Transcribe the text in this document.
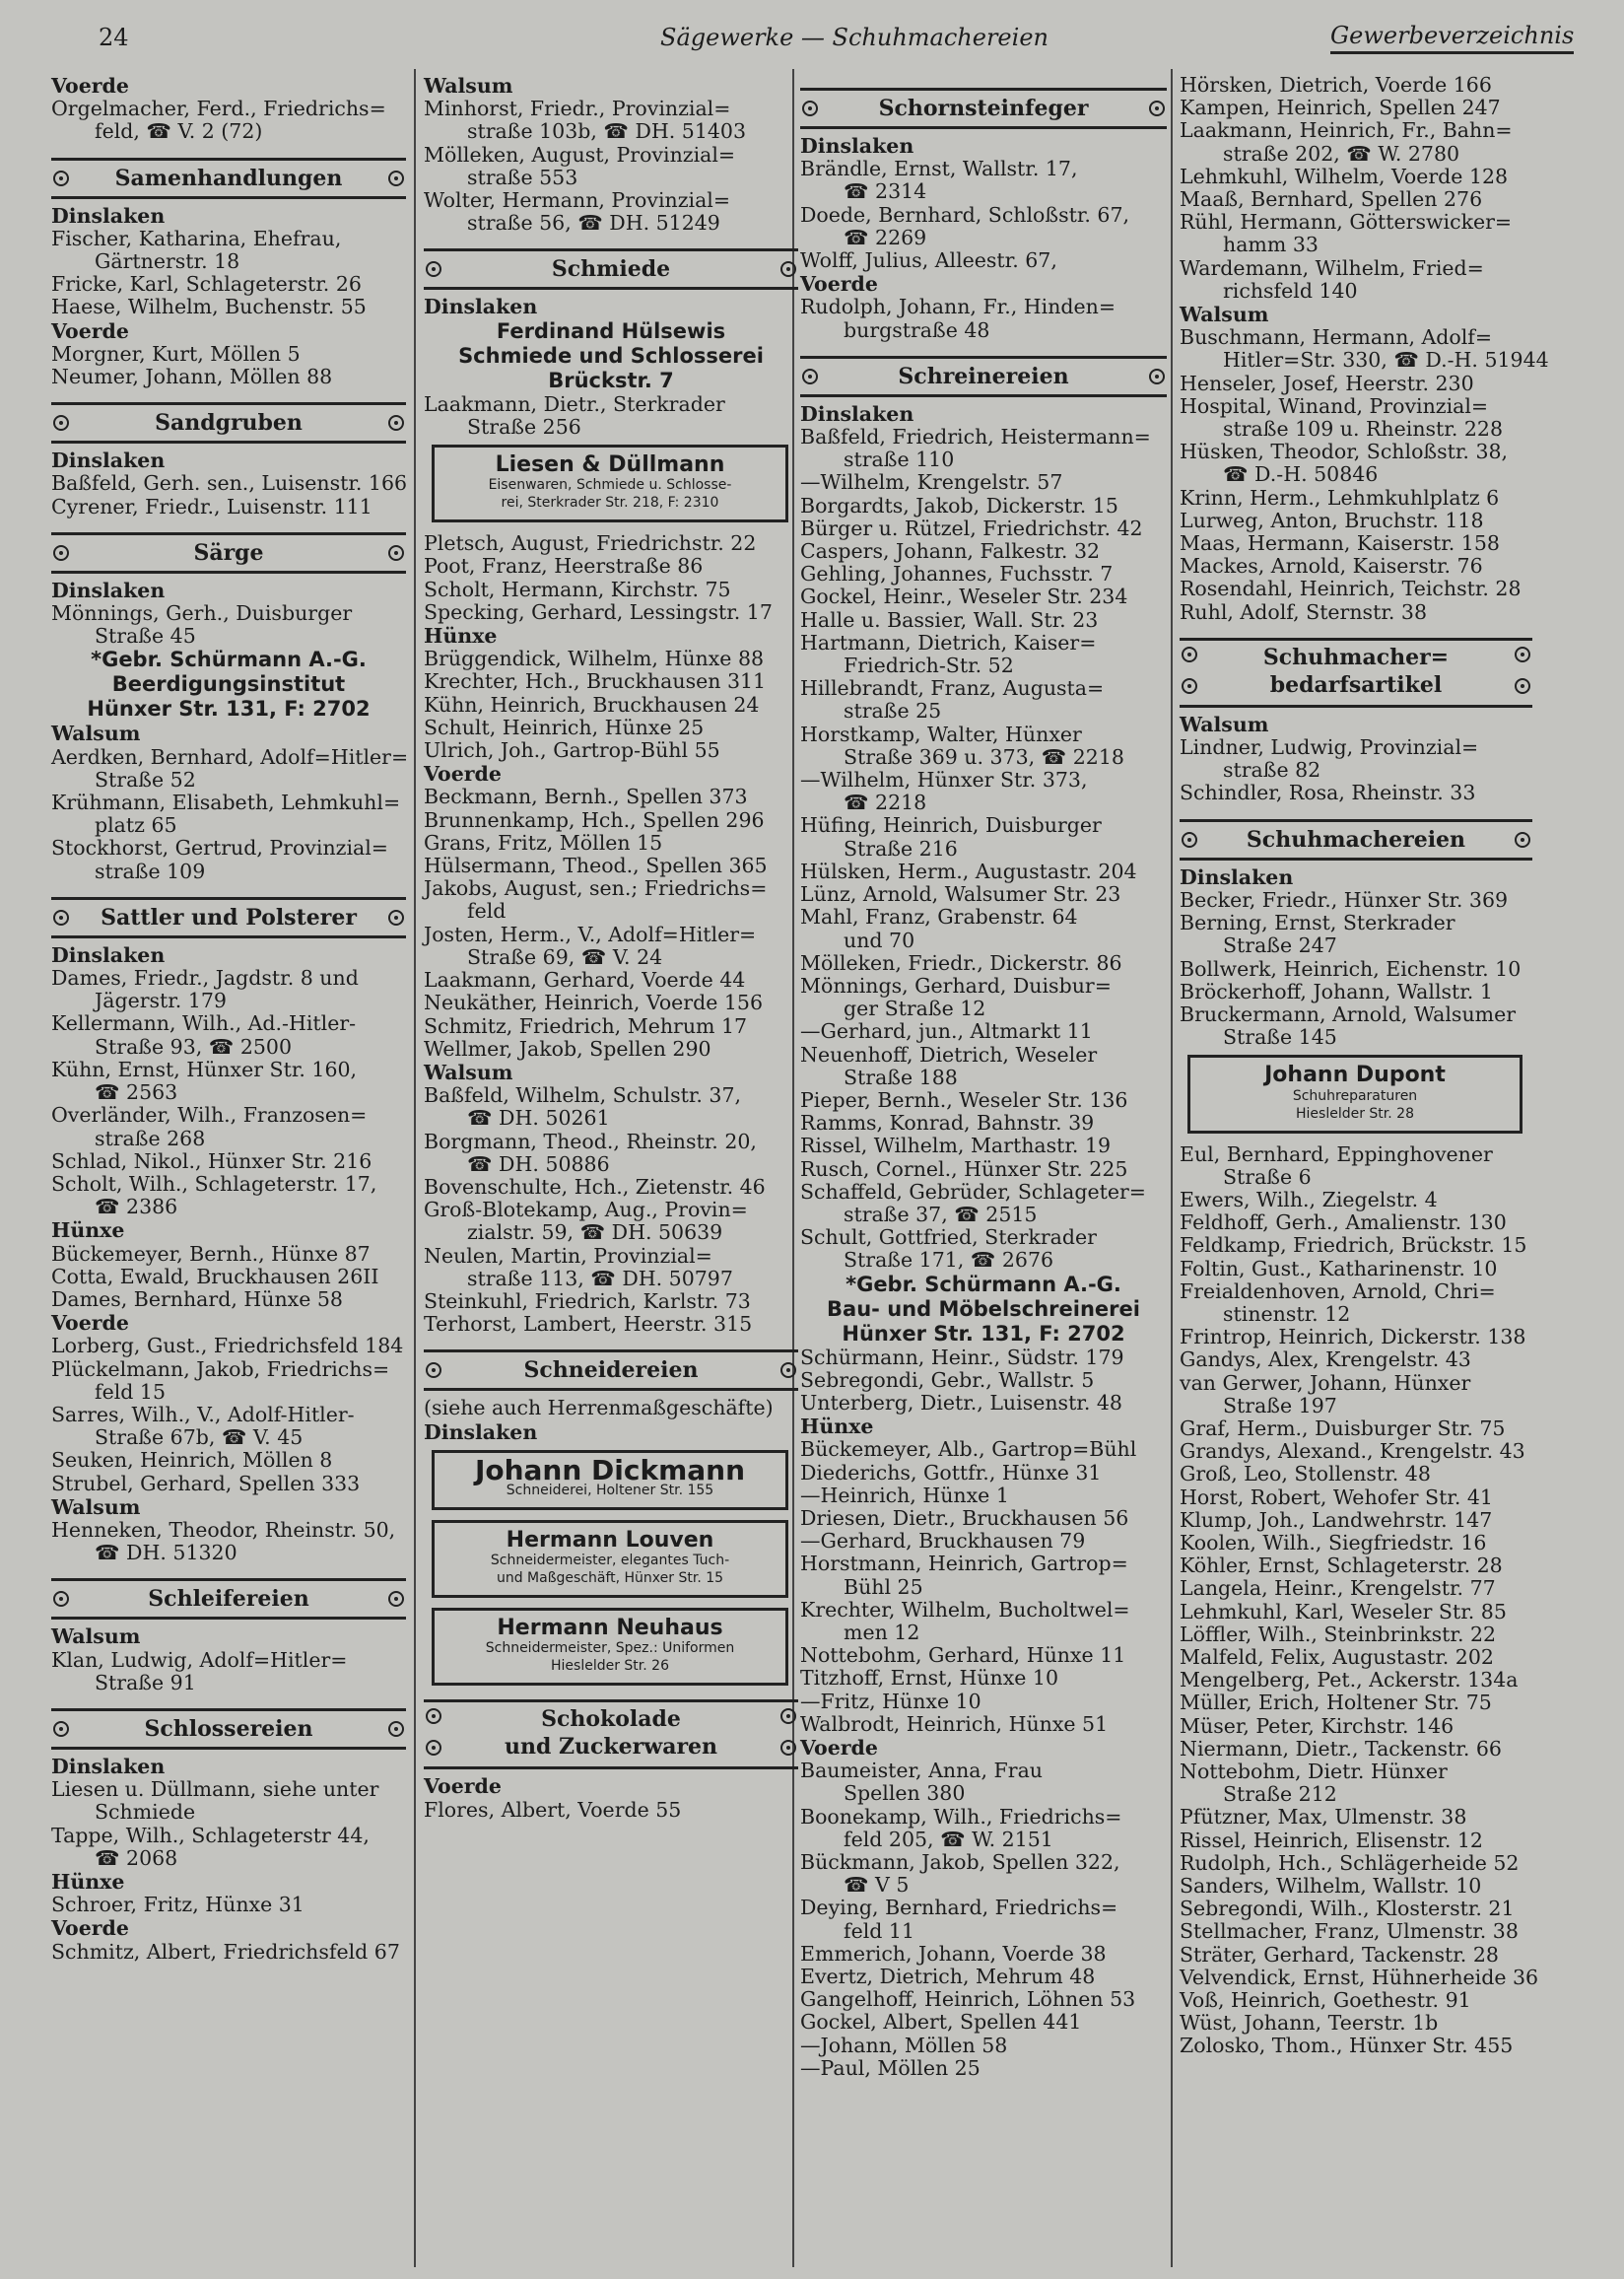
24	Sägewerke — Schuhmachereien	Gewerbeverzeichnis
Voerde
Orgelmacher, Ferd., Friedrichs=
feld, ☎ V. 2 (72)
Samenhandlungen
Dinslaken
Fischer, Katharina, Ehefrau,
Gärtnerstr. 18
Fricke, Karl, Schlageterstr. 26
Haese, Wilhelm, Buchenstr. 55
Voerde
Morgner, Kurt, Möllen 5
Neumer, Johann, Möllen 88
Sandgruben
Dinslaken
Baßfeld, Gerh. sen., Luisenstr. 166
Cyrener, Friedr., Luisenstr. 111
Särge
Dinslaken
Mönnings, Gerh., Duisburger
Straße 45
*Gebr. Schürmann A.-G.
Beerdigungsinstitut
Hünxer Str. 131, F: 2702
Walsum
Aerdken, Bernhard, Adolf=Hitler=
Straße 52
Krühmann, Elisabeth, Lehmkuhl=
platz 65
Stockhorst, Gertrud, Provinzial=
straße 109
Sattler und Polsterer
Dinslaken
Dames, Friedr., Jagdstr. 8 und
Jägerstr. 179
Kellermann, Wilh., Ad.-Hitler-
Straße 93, ☎ 2500
Kühn, Ernst, Hünxer Str. 160,
☎ 2563
Overländer, Wilh., Franzosen=
straße 268
Schlad, Nikol., Hünxer Str. 216
Scholt, Wilh., Schlageterstr. 17,
☎ 2386
Hünxe
Bückemeyer, Bernh., Hünxe 87
Cotta, Ewald, Bruckhausen 26II
Dames, Bernhard, Hünxe 58
Voerde
Lorberg, Gust., Friedrichsfeld 184
Plückelmann, Jakob, Friedrichs=
feld 15
Sarres, Wilh., V., Adolf-Hitler-
Straße 67b, ☎ V. 45
Seuken, Heinrich, Möllen 8
Strubel, Gerhard, Spellen 333
Walsum
Henneken, Theodor, Rheinstr. 50,
☎ DH. 51320
Schleifereien
Walsum
Klan, Ludwig, Adolf=Hitler=
Straße 91
Schlossereien
Dinslaken
Liesen u. Düllmann, siehe unter
Schmiede
Tappe, Wilh., Schlageterstr 44,
☎ 2068
Hünxe
Schroer, Fritz, Hünxe 31
Voerde
Schmitz, Albert, Friedrichsfeld 67
Walsum
Minhorst, Friedr., Provinzial=
straße 103b, ☎ DH. 51403
Mölleken, August, Provinzial=
straße 553
Wolter, Hermann, Provinzial=
straße 56, ☎ DH. 51249
Schmiede
Dinslaken
Ferdinand Hülsewis
Schmiede und Schlosserei
Brückstr. 7
Laakmann, Dietr., Sterkrader
Straße 256
Liesen & Düllmann
Eisenwaren, Schmiede u. Schlosse-
rei, Sterkrader Str. 218, F: 2310
Pletsch, August, Friedrichstr. 22
Poot, Franz, Heerstraße 86
Scholt, Hermann, Kirchstr. 75
Specking, Gerhard, Lessingstr. 17
Hünxe
Brüggendick, Wilhelm, Hünxe 88
Krechter, Hch., Bruckhausen 311
Kühn, Heinrich, Bruckhausen 24
Schult, Heinrich, Hünxe 25
Ulrich, Joh., Gartrop-Bühl 55
Voerde
Beckmann, Bernh., Spellen 373
Brunnenkamp, Hch., Spellen 296
Grans, Fritz, Möllen 15
Hülsermann, Theod., Spellen 365
Jakobs, August, sen.; Friedrichs=
feld
Josten, Herm., V., Adolf=Hitler=
Straße 69, ☎ V. 24
Laakmann, Gerhard, Voerde 44
Neukäther, Heinrich, Voerde 156
Schmitz, Friedrich, Mehrum 17
Wellmer, Jakob, Spellen 290
Walsum
Baßfeld, Wilhelm, Schulstr. 37,
☎ DH. 50261
Borgmann, Theod., Rheinstr. 20,
☎ DH. 50886
Bovenschulte, Hch., Zietenstr. 46
Groß-Blotekamp, Aug., Provin=
zialstr. 59, ☎ DH. 50639
Neulen, Martin, Provinzial=
straße 113, ☎ DH. 50797
Steinkuhl, Friedrich, Karlstr. 73
Terhorst, Lambert, Heerstr. 315
Schneidereien
(siehe auch Herrenmaßgeschäfte)
Dinslaken
Johann Dickmann
Schneiderei, Holtener Str. 155
Hermann Louven
Schneidermeister, elegantes Tuch-
und Maßgeschäft, Hünxer Str. 15
Hermann Neuhaus
Schneidermeister, Spez.: Uniformen
Hieslelder Str. 26
Schokolade
und Zuckerwaren
Voerde
Flores, Albert, Voerde 55
Schornsteinfeger
Dinslaken
Brändle, Ernst, Wallstr. 17,
☎ 2314
Doede, Bernhard, Schloßstr. 67,
☎ 2269
Wolff, Julius, Alleestr. 67,
Voerde
Rudolph, Johann, Fr., Hinden=
burgstraße 48
Schreinereien
Dinslaken
Baßfeld, Friedrich, Heistermann=
straße 110
—Wilhelm, Krengelstr. 57
Borgardts, Jakob, Dickerstr. 15
Bürger u. Rützel, Friedrichstr. 42
Caspers, Johann, Falkestr. 32
Gehling, Johannes, Fuchsstr. 7
Gockel, Heinr., Weseler Str. 234
Halle u. Bassier, Wall. Str. 23
Hartmann, Dietrich, Kaiser=
Friedrich-Str. 52
Hillebrandt, Franz, Augusta=
straße 25
Horstkamp, Walter, Hünxer
Straße 369 u. 373, ☎ 2218
—Wilhelm, Hünxer Str. 373,
☎ 2218
Hüfing, Heinrich, Duisburger
Straße 216
Hülsken, Herm., Augustastr. 204
Lünz, Arnold, Walsumer Str. 23
Mahl, Franz, Grabenstr. 64
und 70
Mölleken, Friedr., Dickerstr. 86
Mönnings, Gerhard, Duisbur=
ger Straße 12
—Gerhard, jun., Altmarkt 11
Neuenhoff, Dietrich, Weseler
Straße 188
Pieper, Bernh., Weseler Str. 136
Ramms, Konrad, Bahnstr. 39
Rissel, Wilhelm, Marthastr. 19
Rusch, Cornel., Hünxer Str. 225
Schaffeld, Gebrüder, Schlageter=
straße 37, ☎ 2515
Schult, Gottfried, Sterkrader
Straße 171, ☎ 2676
*Gebr. Schürmann A.-G.
Bau- und Möbelschreinerei
Hünxer Str. 131, F: 2702
Schürmann, Heinr., Südstr. 179
Sebregondi, Gebr., Wallstr. 5
Unterberg, Dietr., Luisenstr. 48
Hünxe
Bückemeyer, Alb., Gartrop=Bühl
Diederichs, Gottfr., Hünxe 31
—Heinrich, Hünxe 1
Driesen, Dietr., Bruckhausen 56
—Gerhard, Bruckhausen 79
Horstmann, Heinrich, Gartrop=
Bühl 25
Krechter, Wilhelm, Bucholtwel=
men 12
Nottebohm, Gerhard, Hünxe 11
Titzhoff, Ernst, Hünxe 10
—Fritz, Hünxe 10
Walbrodt, Heinrich, Hünxe 51
Voerde
Baumeister, Anna, Frau
Spellen 380
Boonekamp, Wilh., Friedrichs=
feld 205, ☎ W. 2151
Bückmann, Jakob, Spellen 322,
☎ V 5
Deying, Bernhard, Friedrichs=
feld 11
Emmerich, Johann, Voerde 38
Evertz, Dietrich, Mehrum 48
Gangelhoff, Heinrich, Löhnen 53
Gockel, Albert, Spellen 441
—Johann, Möllen 58
—Paul, Möllen 25
Hörsken, Dietrich, Voerde 166
Kampen, Heinrich, Spellen 247
Laakmann, Heinrich, Fr., Bahn=
straße 202, ☎ W. 2780
Lehmkuhl, Wilhelm, Voerde 128
Maaß, Bernhard, Spellen 276
Rühl, Hermann, Götterswicker=
hamm 33
Wardemann, Wilhelm, Fried=
richsfeld 140
Walsum
Buschmann, Hermann, Adolf=
Hitler=Str. 330, ☎ D.-H. 51944
Henseler, Josef, Heerstr. 230
Hospital, Winand, Provinzial=
straße 109 u. Rheinstr. 228
Hüsken, Theodor, Schloßstr. 38,
☎ D.-H. 50846
Krinn, Herm., Lehmkuhlplatz 6
Lurweg, Anton, Bruchstr. 118
Maas, Hermann, Kaiserstr. 158
Mackes, Arnold, Kaiserstr. 76
Rosendahl, Heinrich, Teichstr. 28
Ruhl, Adolf, Sternstr. 38
Schuhmacher=
bedarfsartikel
Walsum
Lindner, Ludwig, Provinzial=
straße 82
Schindler, Rosa, Rheinstr. 33
Schuhmachereien
Dinslaken
Becker, Friedr., Hünxer Str. 369
Berning, Ernst, Sterkrader
Straße 247
Bollwerk, Heinrich, Eichenstr. 10
Bröckerhoff, Johann, Wallstr. 1
Bruckermann, Arnold, Walsumer
Straße 145
Johann Dupont
Schuhreparaturen
Hieslelder Str. 28
Eul, Bernhard, Eppinghovener
Straße 6
Ewers, Wilh., Ziegelstr. 4
Feldhoff, Gerh., Amalienstr. 130
Feldkamp, Friedrich, Brückstr. 15
Foltin, Gust., Katharinenstr. 10
Freialdenhoven, Arnold, Chri=
stinenstr. 12
Frintrop, Heinrich, Dickerstr. 138
Gandys, Alex, Krengelstr. 43
van Gerwer, Johann, Hünxer
Straße 197
Graf, Herm., Duisburger Str. 75
Grandys, Alexand., Krengelstr. 43
Groß, Leo, Stollenstr. 48
Horst, Robert, Wehofer Str. 41
Klump, Joh., Landwehrstr. 147
Koolen, Wilh., Siegfriedstr. 16
Köhler, Ernst, Schlageterstr. 28
Langela, Heinr., Krengelstr. 77
Lehmkuhl, Karl, Weseler Str. 85
Löffler, Wilh., Steinbrinkstr. 22
Malfeld, Felix, Augustastr. 202
Mengelberg, Pet., Ackerstr. 134a
Müller, Erich, Holtener Str. 75
Müser, Peter, Kirchstr. 146
Niermann, Dietr., Tackenstr. 66
Nottebohm, Dietr. Hünxer
Straße 212
Pfützner, Max, Ulmenstr. 38
Rissel, Heinrich, Elisenstr. 12
Rudolph, Hch., Schlägerheide 52
Sanders, Wilhelm, Wallstr. 10
Sebregondi, Wilh., Klosterstr. 21
Stellmacher, Franz, Ulmenstr. 38
Sträter, Gerhard, Tackenstr. 28
Velvendick, Ernst, Hühnerheide 36
Voß, Heinrich, Goethestr. 91
Wüst, Johann, Teerstr. 1b
Zolosko, Thom., Hünxer Str. 455
